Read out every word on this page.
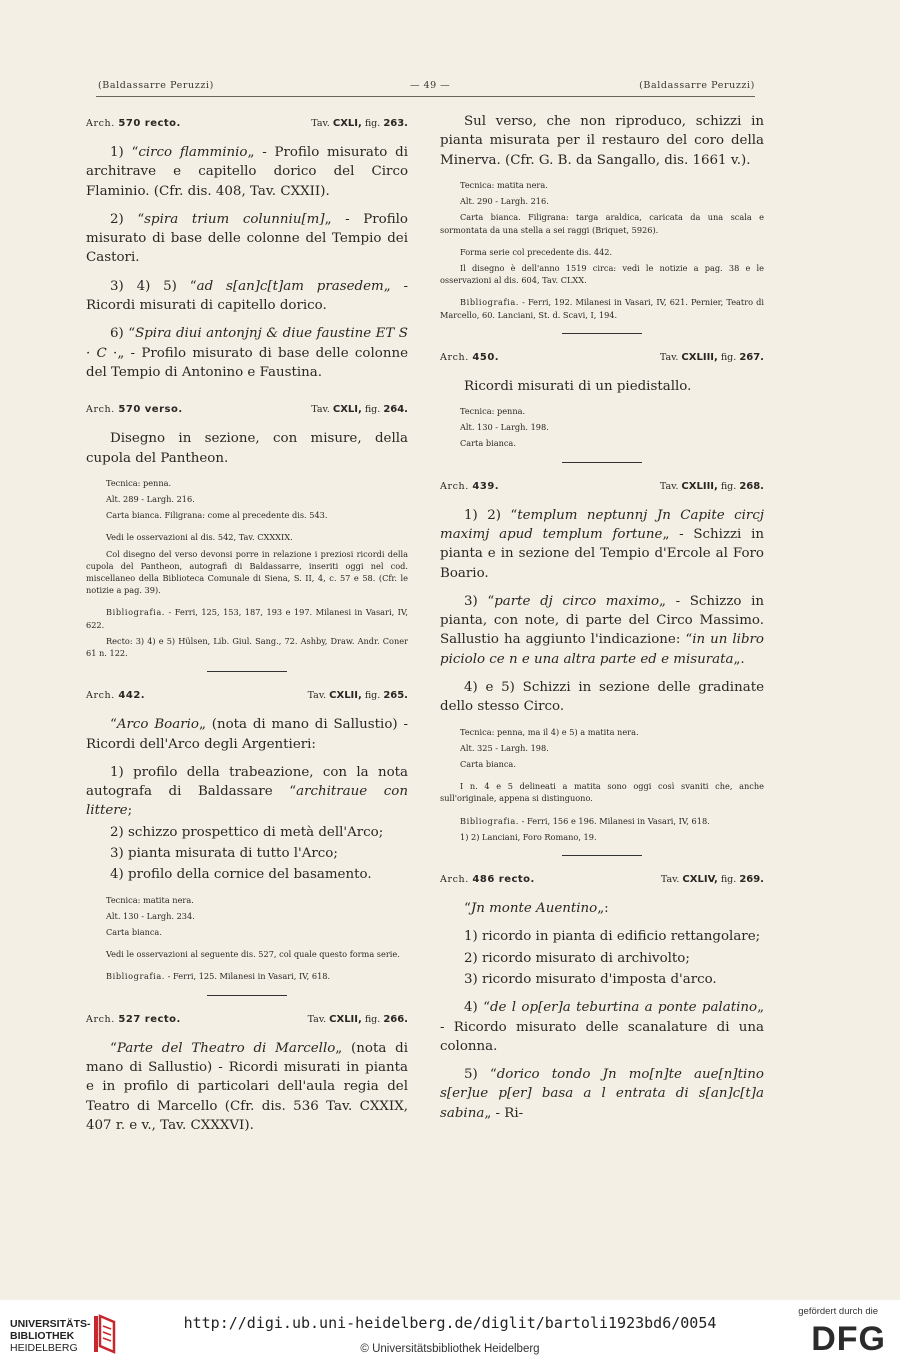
(Baldassarre Peruzzi)	— 49 —	(Baldassarre Peruzzi)
Arch. 570 recto.	Tav. CXLI, fig. 263.

1) “circo flamminio„ - Profilo misurato di architrave e capitello dorico del Circo Flaminio. (Cfr. dis. 408, Tav. CXXII).

2) “spira trium colunniu[m]„ - Profilo misurato di base delle colonne del Tempio dei Castori.

3) 4) 5) “ad s[an]c[t]am prasedem„ - Ricordi misurati di capitello dorico.

6) “Spira diui antonjnj & diue faustine ET S · C ·„ - Profilo misurato di base delle colonne del Tempio di Antonino e Faustina.

Arch. 570 verso.	Tav. CXLI, fig. 264.

Disegno in sezione, con misure, della cupola del Pantheon.

Tecnica: penna.

Alt. 289 - Largh. 216.

Carta bianca. Filigrana: come al precedente dis. 543.

Vedi le osservazioni al dis. 542, Tav. CXXXIX.

Col disegno del verso devonsi porre in relazione i preziosi ricordi della cupola del Pantheon, autografi di Baldassarre, inseriti oggi nel cod. miscellaneo della Biblioteca Comunale di Siena, S. II, 4, c. 57 e 58. (Cfr. le notizie a pag. 39).

Bibliografia. - Ferri, 125, 153, 187, 193 e 197. Milanesi in Vasari, IV, 622.

Recto: 3) 4) e 5) Hülsen, Lib. Giul. Sang., 72. Ashby, Draw. Andr. Coner 61 n. 122.

Arch. 442.	Tav. CXLII, fig. 265.

“Arco Boario„ (nota di mano di Sallustio) - Ricordi dell'Arco degli Argentieri:

1) profilo della trabeazione, con la nota autografa di Baldassare “architraue con littere;

2) schizzo prospettico di metà dell'Arco;

3) pianta misurata di tutto l'Arco;

4) profilo della cornice del basamento.

Tecnica: matita nera.

Alt. 130 - Largh. 234.

Carta bianca.

Vedi le osservazioni al seguente dis. 527, col quale questo forma serie.

Bibliografia. - Ferri, 125. Milanesi in Vasari, IV, 618.

Arch. 527 recto.	Tav. CXLII, fig. 266.

“Parte del Theatro di Marcello„ (nota di mano di Sallustio) - Ricordi misurati in pianta e in profilo di particolari dell'aula regia del Teatro di Marcello (Cfr. dis. 536 Tav. CXXIX, 407 r. e v., Tav. CXXXVI).

Sul verso, che non riproduco, schizzi in pianta misurata per il restauro del coro della Minerva. (Cfr. G. B. da Sangallo, dis. 1661 v.).

Tecnica: matita nera.

Alt. 290 - Largh. 216.

Carta bianca. Filigrana: targa araldica, caricata da una scala e sormontata da una stella a sei raggi (Briquet, 5926).

Forma serie col precedente dis. 442.

Il disegno è dell'anno 1519 circa: vedi le notizie a pag. 38 e le osservazioni al dis. 604, Tav. CLXX.

Bibliografia. - Ferri, 192. Milanesi in Vasari, IV, 621. Pernier, Teatro di Marcello, 60. Lanciani, St. d. Scavi, I, 194.

Arch. 450.	Tav. CXLIII, fig. 267.

Ricordi misurati di un piedistallo.

Tecnica: penna.

Alt. 130 - Largh. 198.

Carta bianca.

Arch. 439.	Tav. CXLIII, fig. 268.

1) 2) “templum neptunnj Jn Capite circj maximj apud templum fortune„ - Schizzi in pianta e in sezione del Tempio d'Ercole al Foro Boario.

3) “parte dj circo maximo„ - Schizzo in pianta, con note, di parte del Circo Massimo. Sallustio ha aggiunto l'indicazione: “in un libro piciolo ce n e una altra parte ed e misurata„.

4) e 5) Schizzi in sezione delle gradinate dello stesso Circo.

Tecnica: penna, ma il 4) e 5) a matita nera.

Alt. 325 - Largh. 198.

Carta bianca.

I n. 4 e 5 delineati a matita sono oggi così svaniti che, anche sull'originale, appena si distinguono.

Bibliografia. - Ferri, 156 e 196. Milanesi in Vasari, IV, 618.

1) 2) Lanciani, Foro Romano, 19.

Arch. 486 recto.	Tav. CXLIV, fig. 269.

“Jn monte Auentino„:

1) ricordo in pianta di edificio rettangolare;

2) ricordo misurato di archivolto;

3) ricordo misurato d'imposta d'arco.

4) “de l op[er]a teburtina a ponte palatino„ - Ricordo misurato delle scanalature di una colonna.

5) “dorico tondo Jn mo[n]te aue[n]tino s[er]ue p[er] basa a l entrata di s[an]c[t]a sabina„ - Ri-

UNIVERSITÄTS-
BIBLIOTHEK
HEIDELBERG
http://digi.ub.uni-heidelberg.de/diglit/bartoli1923bd6/0054
© Universitätsbibliothek Heidelberg
gefördert durch die
DFG
